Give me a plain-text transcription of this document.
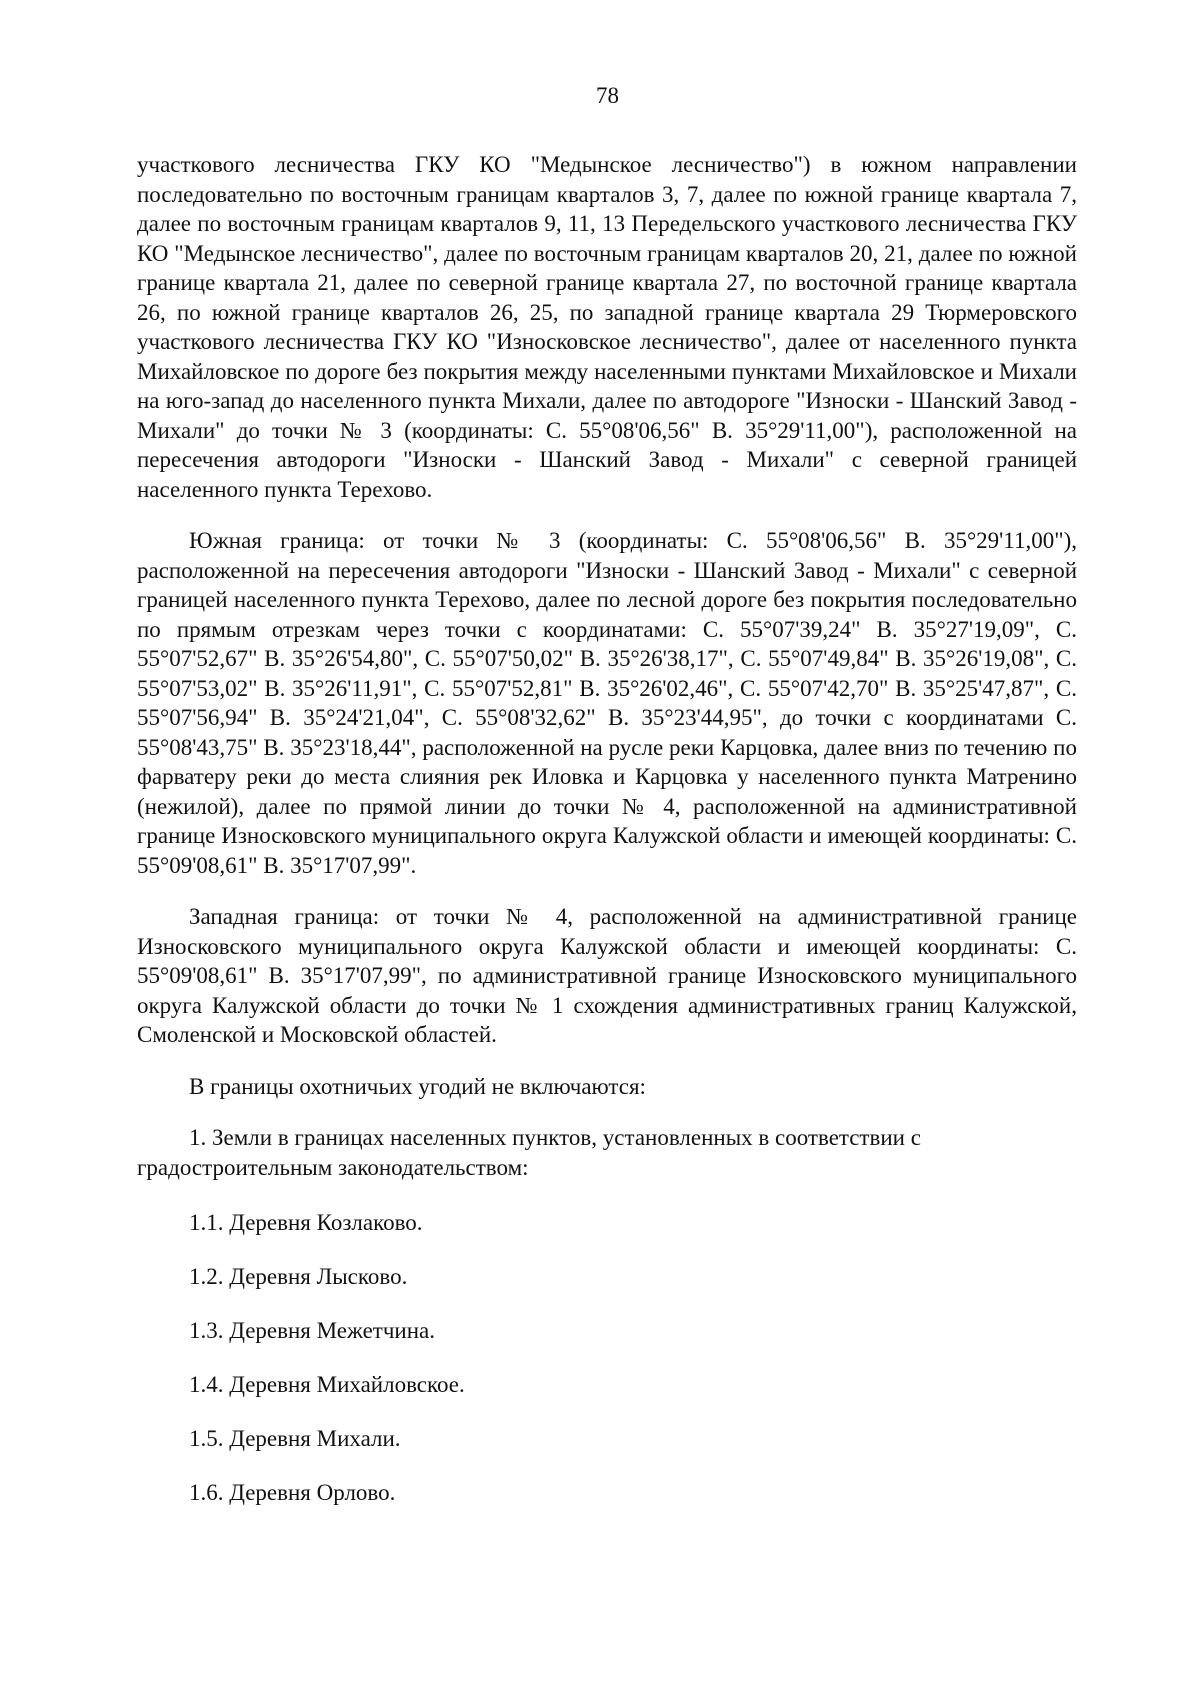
78

участкового лесничества ГКУ КО "Медынское лесничество") в южном направлении последовательно по восточным границам кварталов 3, 7, далее по южной границе квартала 7, далее по восточным границам кварталов 9, 11, 13 Передельского участкового лесничества ГКУ КО "Медынское лесничество", далее по восточным границам кварталов 20, 21, далее по южной границе квартала 21, далее по северной границе квартала 27, по восточной границе квартала 26, по южной границе кварталов 26, 25, по западной границе квартала 29 Тюрмеровского участкового лесничества ГКУ КО "Износковское лесничество", далее от населенного пункта Михайловское по дороге без покрытия между населенными пунктами Михайловское и Михали на юго-запад до населенного пункта Михали, далее по автодороге "Износки - Шанский Завод - Михали" до точки № 3 (координаты: С. 55°08'06,56" В. 35°29'11,00"), расположенной на пересечения автодороги "Износки - Шанский Завод - Михали" с северной границей населенного пункта Терехово.

Южная граница: от точки № 3 (координаты: С. 55°08'06,56" В. 35°29'11,00"), расположенной на пересечения автодороги "Износки - Шанский Завод - Михали" с северной границей населенного пункта Терехово, далее по лесной дороге без покрытия последовательно по прямым отрезкам через точки с координатами: С. 55°07'39,24" В. 35°27'19,09", С. 55°07'52,67" В. 35°26'54,80", С. 55°07'50,02" В. 35°26'38,17", С. 55°07'49,84" В. 35°26'19,08", С. 55°07'53,02" В. 35°26'11,91", С. 55°07'52,81" В. 35°26'02,46", С. 55°07'42,70" В. 35°25'47,87", С. 55°07'56,94" В. 35°24'21,04", С. 55°08'32,62" В. 35°23'44,95", до точки с координатами С. 55°08'43,75" В. 35°23'18,44", расположенной на русле реки Карцовка, далее вниз по течению по фарватеру реки до места слияния рек Иловка и Карцовка у населенного пункта Матренино (нежилой), далее по прямой линии до точки № 4, расположенной на административной границе Износковского муниципального округа Калужской области и имеющей координаты: С. 55°09'08,61" В. 35°17'07,99".

Западная граница: от точки № 4, расположенной на административной границе Износковского муниципального округа Калужской области и имеющей координаты: С. 55°09'08,61" В. 35°17'07,99", по административной границе Износковского муниципального округа Калужской области до точки № 1 схождения административных границ Калужской, Смоленской и Московской областей.

В границы охотничьих угодий не включаются:

1. Земли в границах населенных пунктов, установленных в соответствии с градостроительным законодательством:

1.1. Деревня Козлаково.

1.2. Деревня Лысково.

1.3. Деревня Межетчина.

1.4. Деревня Михайловское.

1.5. Деревня Михали.

1.6. Деревня Орлово.
